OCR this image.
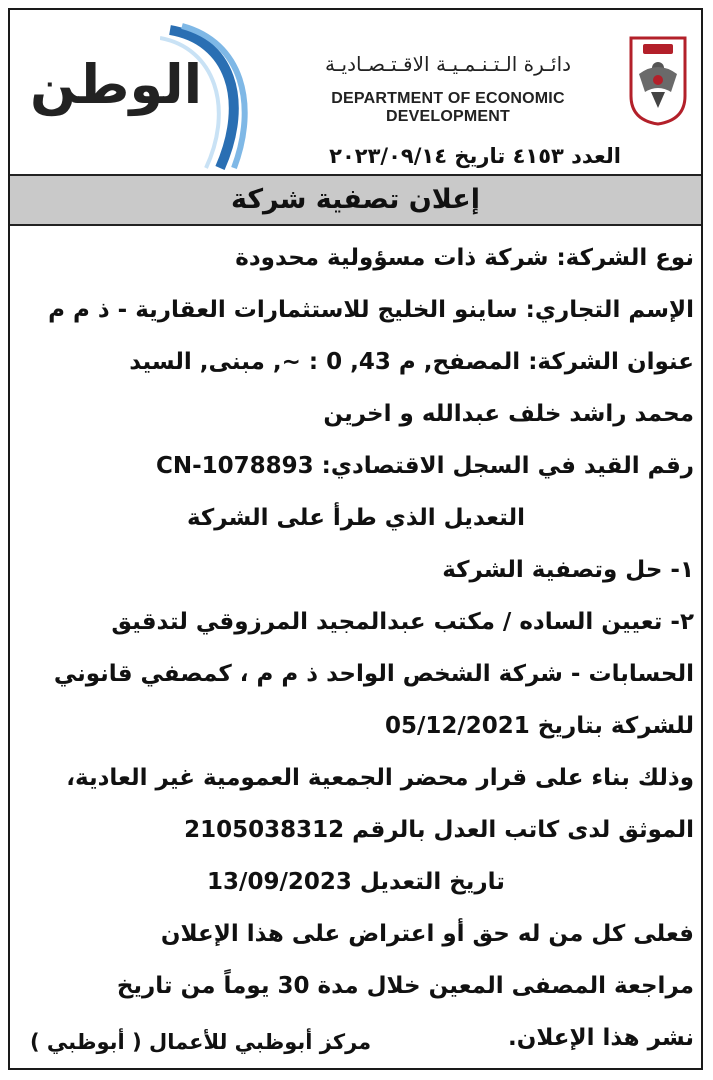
الوطن	دائـرة الـتـنـمـيـة الاقـتـصـاديـة
DEPARTMENT OF ECONOMIC DEVELOPMENT
العدد ٤١٥٣ تاريخ ٢٠٢٣/٠٩/١٤
إعلان تصفية شركة
نوع الشركة: شركة ذات مسؤولية محدودة
الإسم التجاري: ساينو الخليج للاستثمارات العقارية - ذ م م
عنوان الشركة: المصفح, م 43, 0 : ~, مبنى, السيد
محمد راشد خلف عبدالله و اخرين
رقم القيد في السجل الاقتصادي: CN-1078893
التعديل الذي طرأ على الشركة
١- حل وتصفية الشركة
٢- تعيين الساده / مكتب عبدالمجيد المرزوقي لتدقيق
الحسابات - شركة الشخص الواحد ذ م م ، كمصفي قانوني
للشركة بتاريخ 05/12/2021
وذلك بناء على قرار محضر الجمعية العمومية غير العادية،
الموثق لدى كاتب العدل بالرقم 2105038312
تاريخ التعديل 13/09/2023
فعلى كل من له حق أو اعتراض على هذا الإعلان
مراجعة المصفى المعين خلال مدة 30 يوماً من تاريخ
نشر هذا الإعلان.
مركز أبوظبي للأعمال ( أبوظبي )
